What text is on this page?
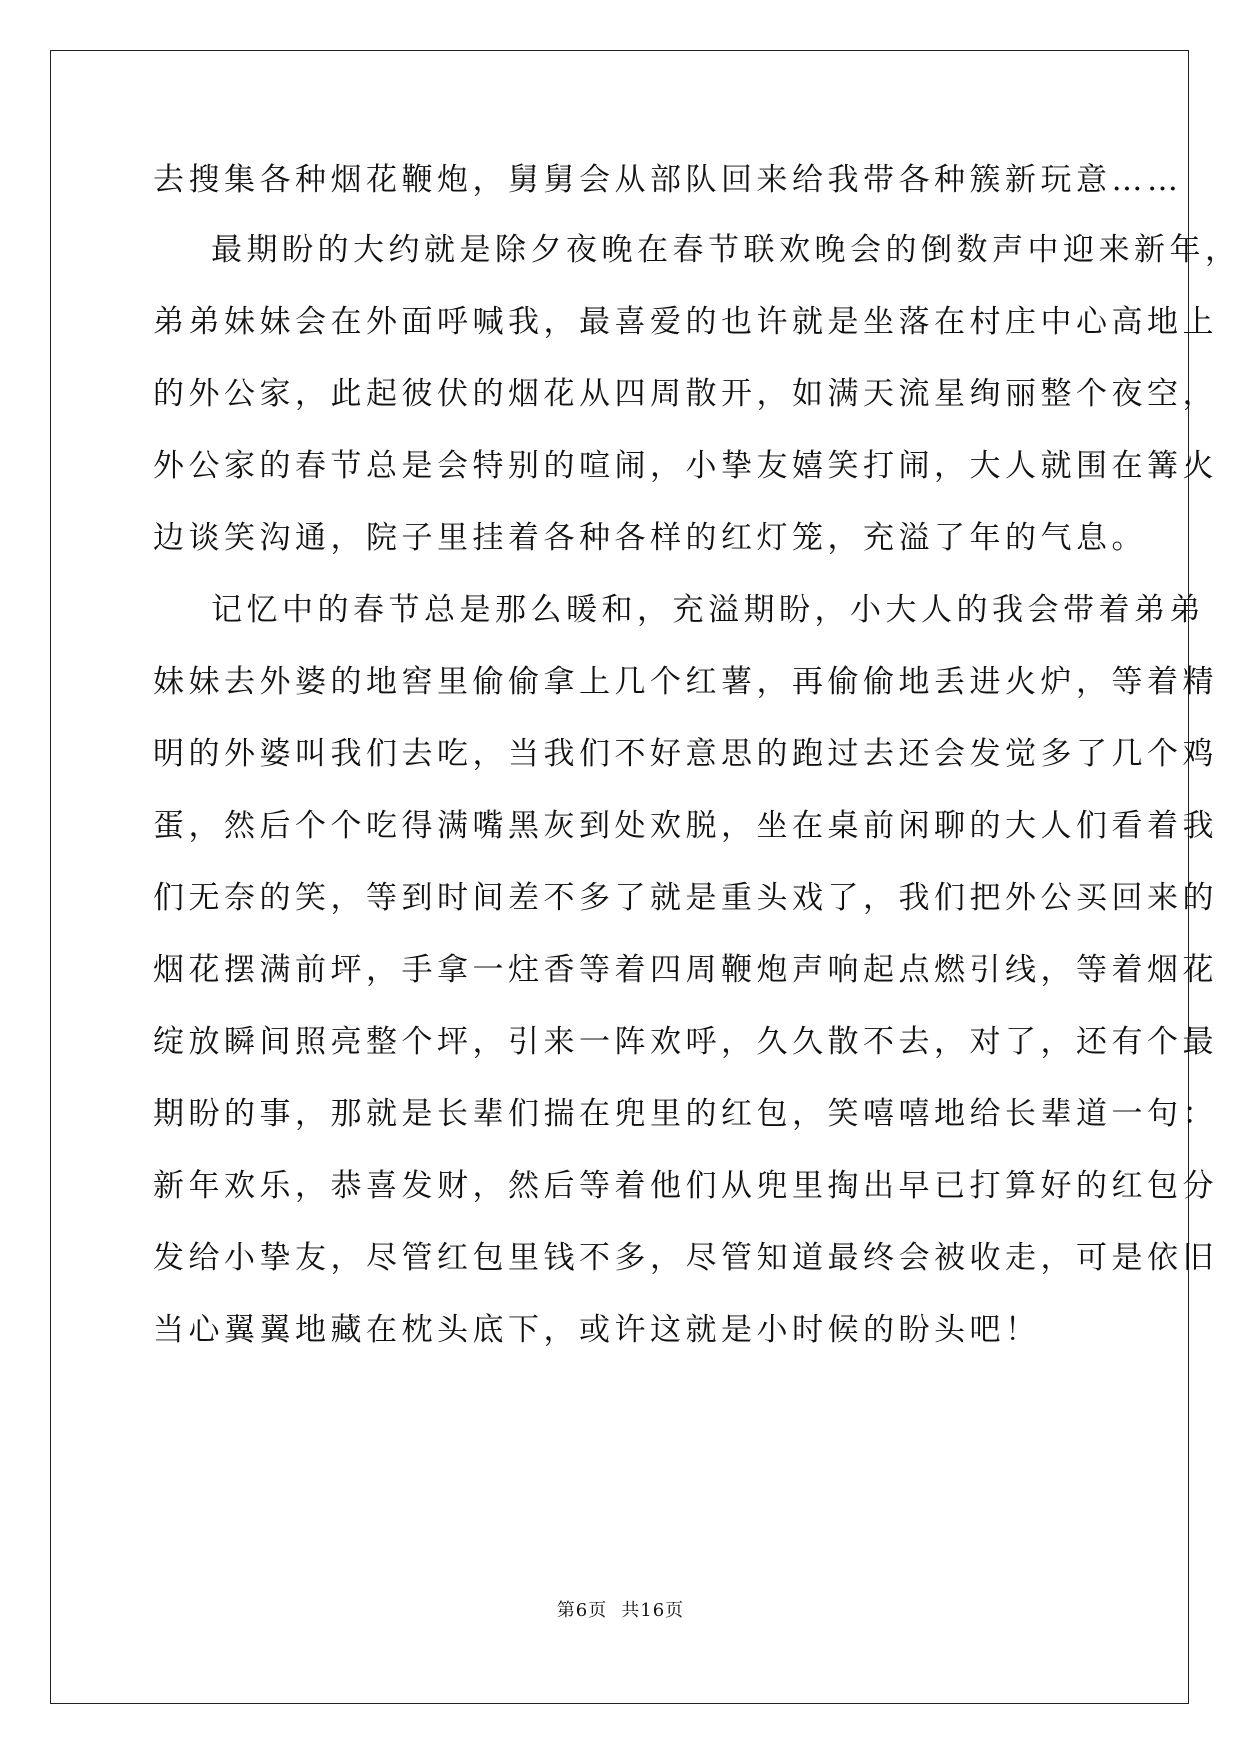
去搜集各种烟花鞭炮，舅舅会从部队回来给我带各种簇新玩意……
最期盼的大约就是除夕夜晚在春节联欢晚会的倒数声中迎来新年，
弟弟妹妹会在外面呼喊我，最喜爱的也许就是坐落在村庄中心高地上
的外公家，此起彼伏的烟花从四周散开，如满天流星绚丽整个夜空，
外公家的春节总是会特别的喧闹，小挚友嬉笑打闹，大人就围在篝火
边谈笑沟通，院子里挂着各种各样的红灯笼，充溢了年的气息。
记忆中的春节总是那么暖和，充溢期盼，小大人的我会带着弟弟
妹妹去外婆的地窖里偷偷拿上几个红薯，再偷偷地丢进火炉，等着精
明的外婆叫我们去吃，当我们不好意思的跑过去还会发觉多了几个鸡
蛋，然后个个吃得满嘴黑灰到处欢脱，坐在桌前闲聊的大人们看着我
们无奈的笑，等到时间差不多了就是重头戏了，我们把外公买回来的
烟花摆满前坪，手拿一炷香等着四周鞭炮声响起点燃引线，等着烟花
绽放瞬间照亮整个坪，引来一阵欢呼，久久散不去，对了，还有个最
期盼的事，那就是长辈们揣在兜里的红包，笑嘻嘻地给长辈道一句：
新年欢乐，恭喜发财，然后等着他们从兜里掏出早已打算好的红包分
发给小挚友，尽管红包里钱不多，尽管知道最终会被收走，可是依旧
当心翼翼地藏在枕头底下，或许这就是小时候的盼头吧！
第6页 共16页
